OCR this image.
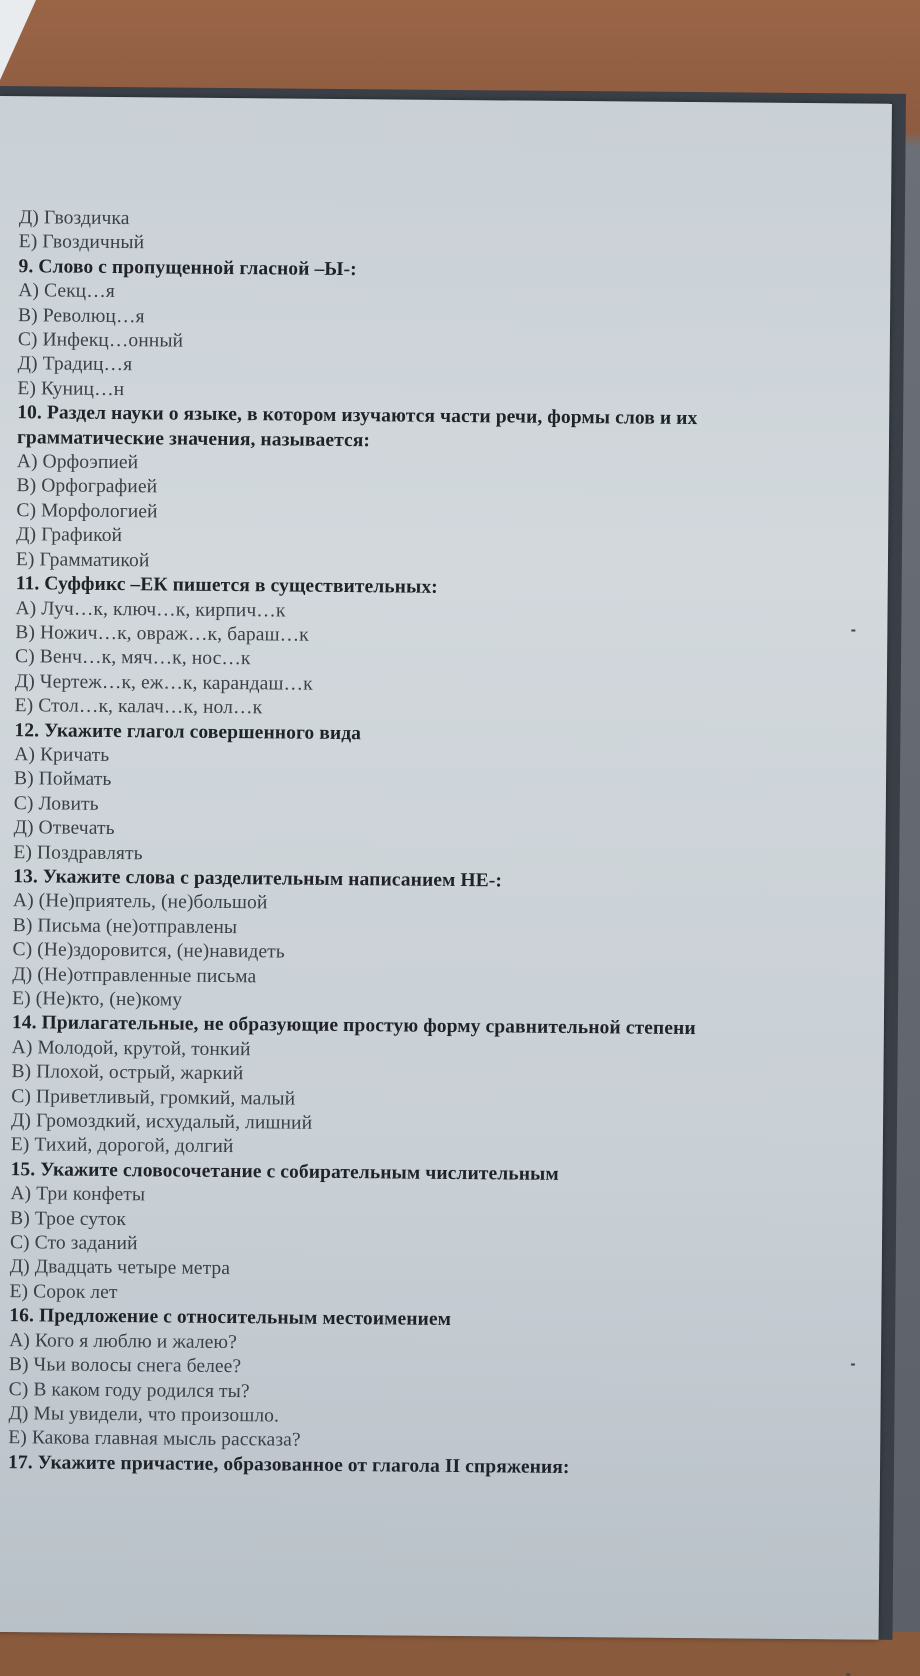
Д) Гвоздичка
Е) Гвоздичный
9. Слово с пропущенной гласной –Ы-:
А) Секц…я
В) Революц…я
С) Инфекц…онный
Д) Традиц…я
Е) Куниц…н
10. Раздел науки о языке, в котором изучаются части речи, формы слов и их
грамматические значения, называется:
А) Орфоэпией
В) Орфографией
С) Морфологией
Д) Графикой
Е) Грамматикой
11. Суффикс –ЕК пишется в существительных:
А) Луч…к, ключ…к, кирпич…к
В) Ножич…к, овраж…к, бараш…к
С) Венч…к, мяч…к, нос…к
Д) Чертеж…к, еж…к, карандаш…к
Е) Стол…к, калач…к, нол…к
12. Укажите глагол совершенного вида
А) Кричать
В) Поймать
С) Ловить
Д) Отвечать
Е) Поздравлять
13. Укажите слова с разделительным написанием НЕ-:
А) (Не)приятель, (не)большой
В) Письма (не)отправлены
С) (Не)здоровится, (не)навидеть
Д) (Не)отправленные письма
Е) (Не)кто, (не)кому
14. Прилагательные, не образующие простую форму сравнительной степени
А) Молодой, крутой, тонкий
В) Плохой, острый, жаркий
С) Приветливый, громкий, малый
Д) Громоздкий, исхудалый, лишний
Е) Тихий, дорогой, долгий
15. Укажите словосочетание с собирательным числительным
А) Три конфеты
В) Трое суток
С) Сто заданий
Д) Двадцать четыре метра
Е) Сорок лет
16. Предложение с относительным местоимением
А) Кого я люблю и жалею?
В) Чьи волосы снега белее?
С) В каком году родился ты?
Д) Мы увидели, что произошло.
Е) Какова главная мысль рассказа?
17. Укажите причастие, образованное от глагола II спряжения:
